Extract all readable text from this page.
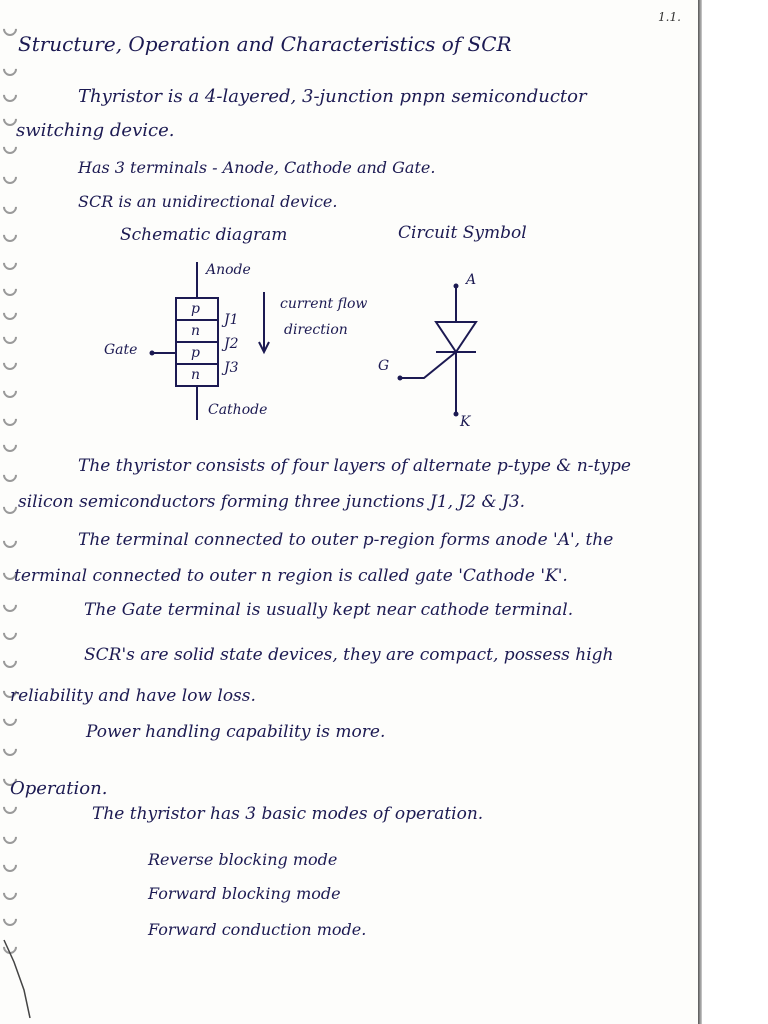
1.1.
Structure, Operation and Characteristics of SCR
Thyristor is a 4-layered, 3-junction pnpn semiconductor
switching device.
Has 3 terminals - Anode, Cathode and Gate.
SCR is an unidirectional device.
Schematic diagram	Circuit Symbol
Anode
p
n
p
n
J1
J2
J3
Gate
Cathode
current flow
direction
A
G
K
The thyristor consists of four layers of alternate p-type & n-type
silicon semiconductors forming three junctions J1, J2 & J3.
The terminal connected to outer p-region forms anode 'A', the
terminal connected to outer n region is called gate 'Cathode 'K'.
The Gate terminal is usually kept near cathode terminal.
SCR's are solid state devices, they are compact, possess high
reliability and have low loss.
Power handling capability is more.
Operation.
The thyristor has 3 basic modes of operation.
Reverse blocking mode
Forward blocking mode
Forward conduction mode.
